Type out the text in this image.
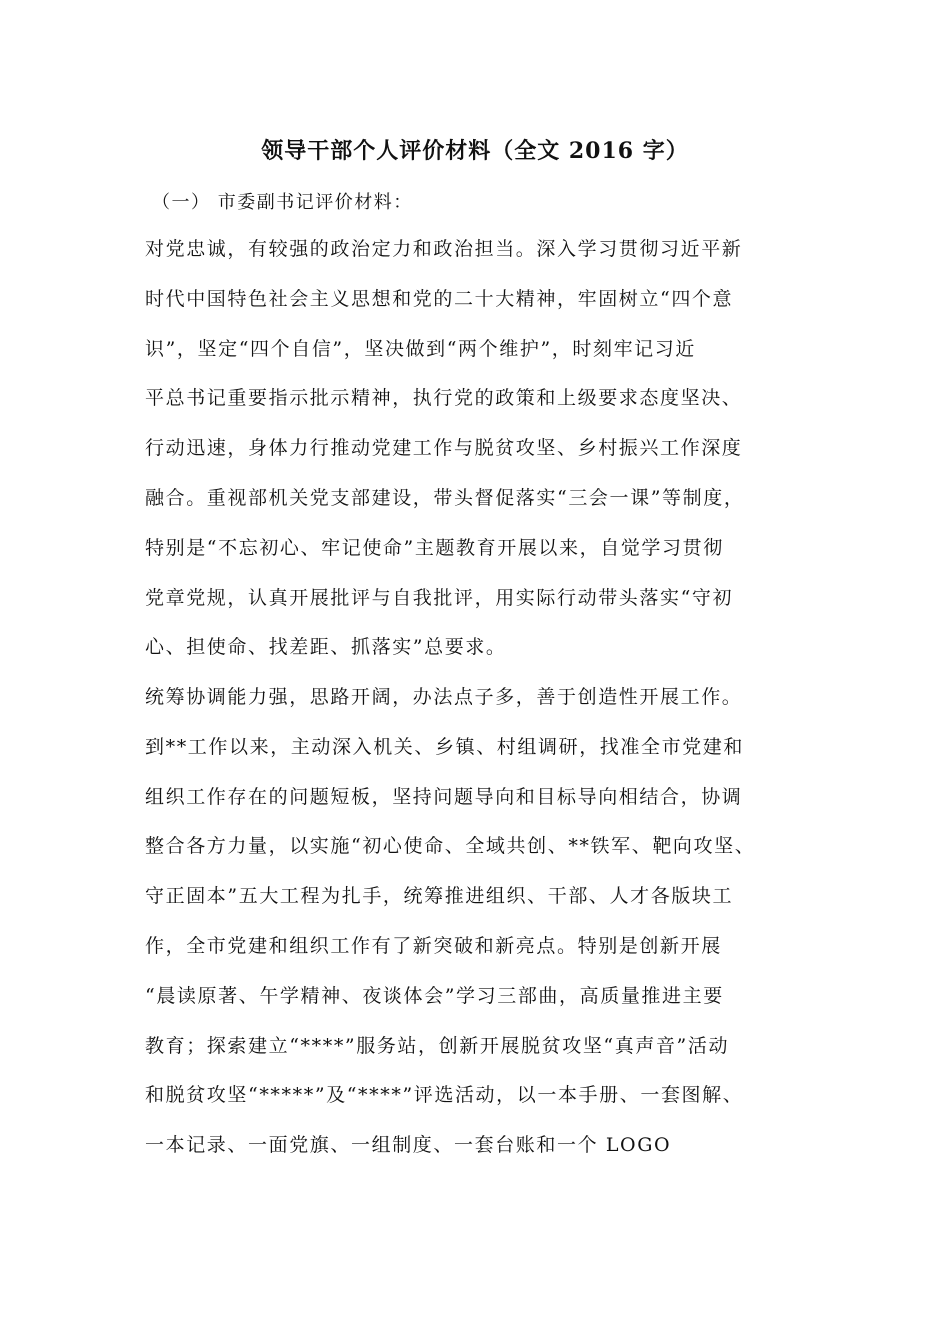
领导干部个人评价材料（全文 2016 字）

（一） 市委副书记评价材料：

对党忠诚，有较强的政治定力和政治担当。深入学习贯彻习近平新
时代中国特色社会主义思想和党的二十大精神，牢固树立“四个意
识”，坚定“四个自信”，坚决做到“两个维护”，时刻牢记习近
平总书记重要指示批示精神，执行党的政策和上级要求态度坚决、
行动迅速，身体力行推动党建工作与脱贫攻坚、乡村振兴工作深度
融合。重视部机关党支部建设，带头督促落实“三会一课”等制度，
特别是“不忘初心、牢记使命”主题教育开展以来，自觉学习贯彻
党章党规，认真开展批评与自我批评，用实际行动带头落实“守初
心、担使命、找差距、抓落实”总要求。

统筹协调能力强，思路开阔，办法点子多，善于创造性开展工作。
到**工作以来，主动深入机关、乡镇、村组调研，找准全市党建和
组织工作存在的问题短板，坚持问题导向和目标导向相结合，协调
整合各方力量，以实施“初心使命、全域共创、**铁军、靶向攻坚、
守正固本”五大工程为扎手，统筹推进组织、干部、人才各版块工
作，全市党建和组织工作有了新突破和新亮点。特别是创新开展
“晨读原著、午学精神、夜谈体会”学习三部曲，高质量推进主要
教育；探索建立“****”服务站，创新开展脱贫攻坚“真声音”活动
和脱贫攻坚“*****”及“****”评选活动，以一本手册、一套图解、
一本记录、一面党旗、一组制度、一套台账和一个 LOGO
